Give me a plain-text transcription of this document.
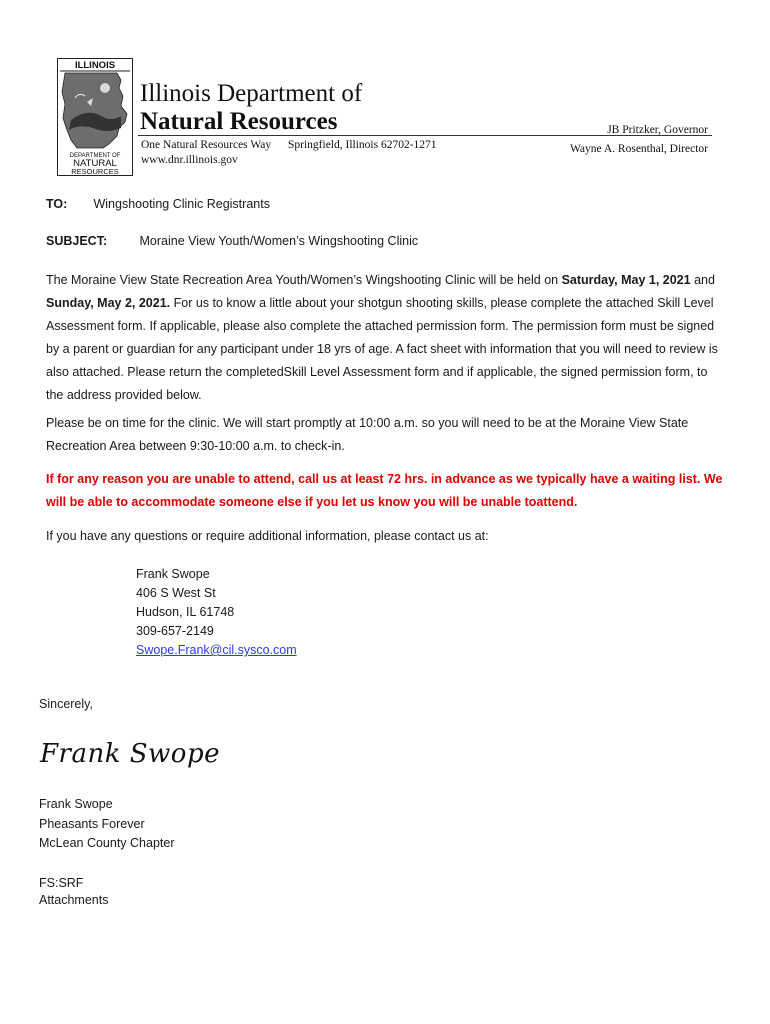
ILLINOIS
DEPARTMENT OF
NATURAL
RESOURCES
Illinois Department of
Natural Resources
One Natural Resources Way Springfield, Illinois 62702-1271
www.dnr.illinois.gov
JB Pritzker, Governor
Wayne A. Rosenthal, Director
TO: Wingshooting Clinic Registrants
SUBJECT:	Moraine View Youth/Women’s Wingshooting Clinic

The Moraine View State Recreation Area Youth/Women’s Wingshooting Clinic will be held on Saturday, May 1, 2021 and Sunday, May 2, 2021. For us to know a little about your shotgun shooting skills, please complete the attached Skill Level Assessment form. If applicable, please also complete the attached permission form. The permission form must be signed by a parent or guardian for any participant under 18 yrs of age. A fact sheet with information that you will need to review is also attached. Please return the completedSkill Level Assessment form and if applicable, the signed permission form, to the address provided below.

Please be on time for the clinic. We will start promptly at 10:00 a.m. so you will need to be at the Moraine View State Recreation Area between 9:30-10:00 a.m. to check-in.

If for any reason you are unable to attend, call us at least 72 hrs. in advance as we typically have a waiting list. We will be able to accommodate someone else if you let us know you will be unable toattend.

If you have any questions or require additional information, please contact us at:

Frank Swope
406 S West St
Hudson, IL 61748
309-657-2149
Swope.Frank@cil.sysco.com
Sincerely,
Frank Swope
Frank Swope
Pheasants Forever
McLean County Chapter
FS:SRF
Attachments
